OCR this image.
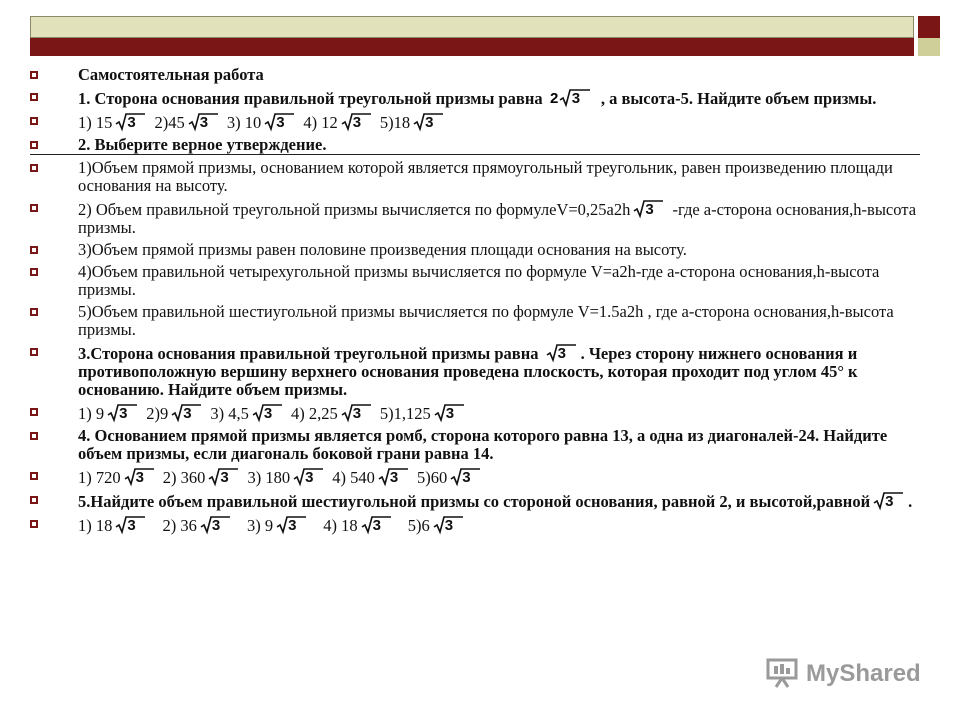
Самостоятельная работа
1. Сторона основания правильной треугольной призмы равна 2 3 , а высота-5. Найдите объем призмы.
1) 15 3 2)45 3 3) 10 3 4) 12 3 5)18 3
2. Выберите верное утверждение.
1)Объем прямой призмы, основанием которой является прямоугольный треугольник, равен произведению площади основания на высоту.
2) Объем правильной треугольной призмы вычисляется по формулеV=0,25a2h 3 -где а-сторона основания,h-высота призмы.
3)Объем прямой призмы равен половине произведения площади основания на высоту.
4)Объем правильной четырехугольной призмы вычисляется по формуле V=a2h-где а-сторона основания,h-высота призмы.
5)Объем правильной шестиугольной призмы вычисляется по формуле V=1.5a2h , где а-сторона основания,h-высота призмы.
3.Сторона основания правильной треугольной призмы равна 3 . Через сторону нижнего основания и противоположную вершину верхнего основания проведена плоскость, которая проходит под углом 45° к основанию. Найдите объем призмы.
1) 9 3 2)9 3 3) 4,5 3 4) 2,25 3 5)1,125 3
4. Основанием прямой призмы является ромб, сторона которого равна 13, а одна из диагоналей-24. Найдите объем призмы, если диагональ боковой грани равна 14.
1) 720 3 2) 360 3 3) 180 3 4) 540 3 5)60 3
5.Найдите объем правильной шестиугольной призмы со стороной основания, равной 2, и высотой,равной 3 .
1) 18 3 2) 36 3 3) 9 3 4) 18 3 5)6 3
MyShared
